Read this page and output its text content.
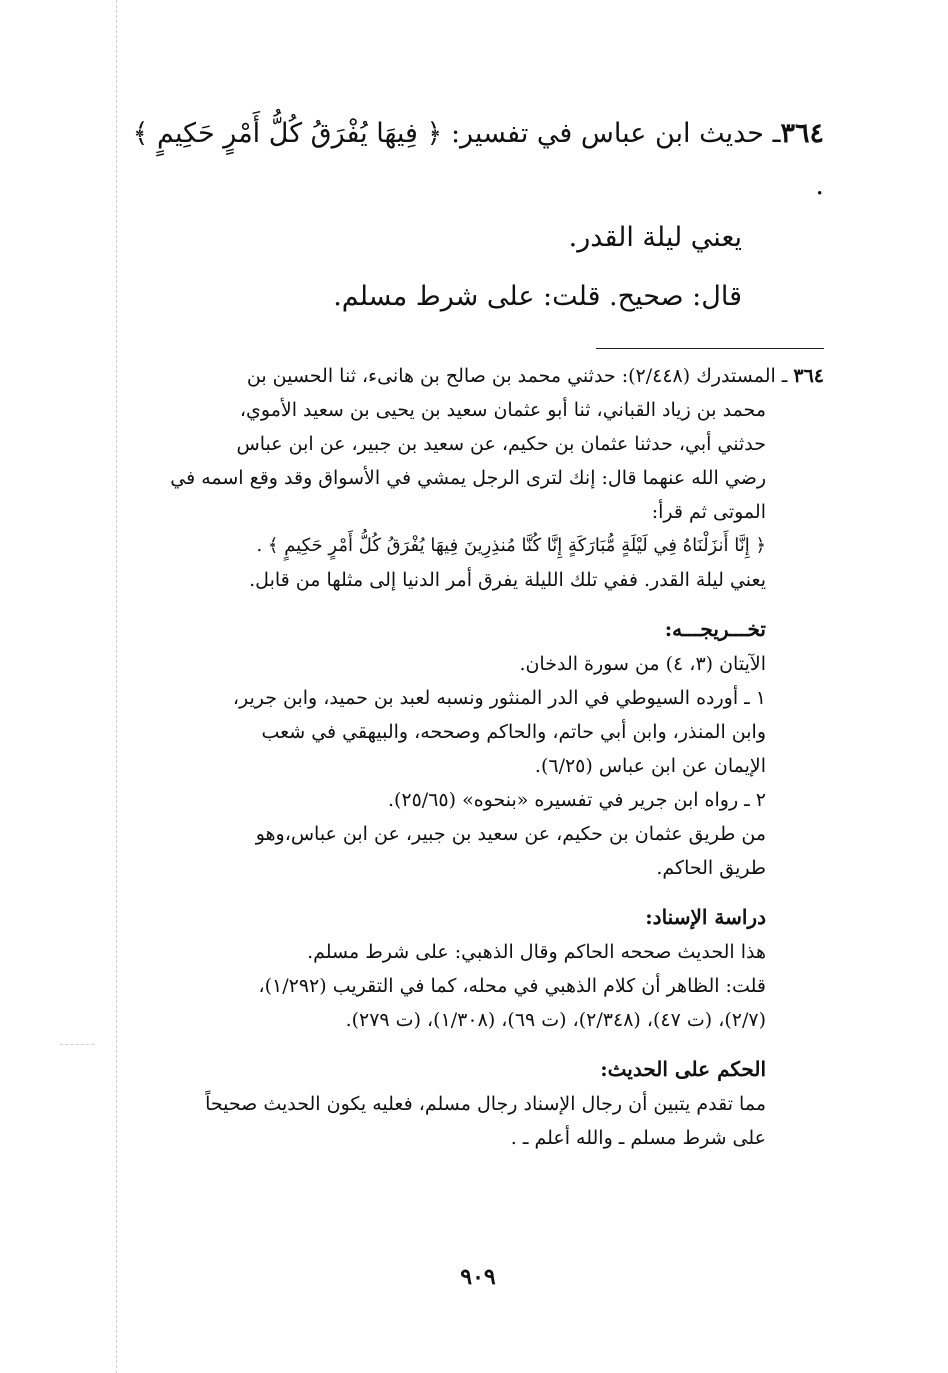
٣٦٤ـ حديث ابن عباس في تفسير: ﴿ فِيهَا يُفْرَقُ كُلُّ أَمْرٍ حَكِيمٍ ﴾ .
يعني ليلة القدر.
قال: صحيح. قلت: على شرط مسلم.

٣٦٤ـ المستدرك (٢/٤٤٨): حدثني محمد بن صالح بن هانىء، ثنا الحسين بن

محمد بن زياد القباني، ثنا أبو عثمان سعيد بن يحيى بن سعيد الأموي،

حدثني أبي، حدثنا عثمان بن حكيم، عن سعيد بن جبير، عن ابن عباس

رضي الله عنهما قال: إنك لترى الرجل يمشي في الأسواق وقد وقع اسمه في

الموتى ثم قرأ:

﴿ إِنَّا أَنزَلْنَاهُ فِي لَيْلَةٍ مُّبَارَكَةٍ إِنَّا كُنَّا مُنذِرِينَ فِيهَا يُفْرَقُ كُلُّ أَمْرٍ حَكِيمٍ ﴾ .

يعني ليلة القدر. ففي تلك الليلة يفرق أمر الدنيا إلى مثلها من قابل.

تخـــريجـــه:

الآيتان (٣، ٤) من سورة الدخان.

١ ـ أورده السيوطي في الدر المنثور ونسبه لعبد بن حميد، وابن جرير،

وابن المنذر، وابن أبي حاتم، والحاكم وصححه، والبيهقي في شعب

الإيمان عن ابن عباس (٦/٢٥).

٢ ـ رواه ابن جرير في تفسيره «بنحوه» (٢٥/٦٥).

من طريق عثمان بن حكيم، عن سعيد بن جبير، عن ابن عباس،وهو

طريق الحاكم.

دراسة الإسناد:

هذا الحديث صححه الحاكم وقال الذهبي: على شرط مسلم.

قلت: الظاهر أن كلام الذهبي في محله، كما في التقريب (١/٢٩٢)،

(٢/٧)، (ت ٤٧)، (٢/٣٤٨)، (ت ٦٩)، (١/٣٠٨)، (ت ٢٧٩).

الحكم على الحديث:

مما تقدم يتبين أن رجال الإسناد رجال مسلم، فعليه يكون الحديث صحيحاً

على شرط مسلم ـ والله أعلم ـ .

٩٠٩
